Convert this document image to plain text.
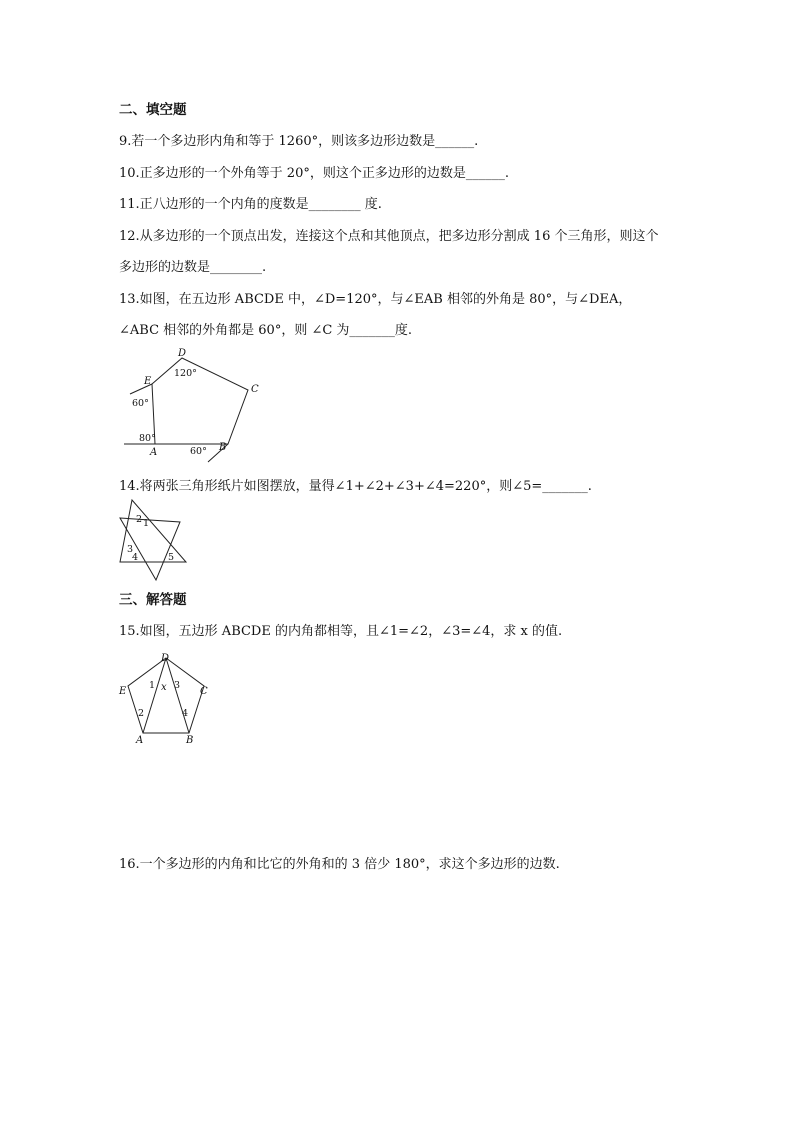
二、填空题
9.若一个多边形内角和等于 1260°，则该多边形边数是______.
10.正多边形的一个外角等于 20°，则这个正多边形的边数是______.
11.正八边形的一个内角的度数是________ 度.
12.从多边形的一个顶点出发，连接这个点和其他顶点，把多边形分割成 16 个三角形，则这个
多边形的边数是________.
13.如图，在五边形 ABCDE 中，∠D=120°，与∠EAB 相邻的外角是 80°，与∠DEA，
∠ABC 相邻的外角都是 60°，则 ∠C 为_______度.
D
E
C
A	B
120°
60°
80°
60°
14.将两张三角形纸片如图摆放，量得∠1+∠2+∠3+∠4=220°，则∠5=_______.
2 1
3
4	5
三、解答题
15.如图，五边形 ABCDE 的内角都相等，且∠1=∠2，∠3=∠4，求 x 的值.
D
E	C
A	B
x
1 3
2	4
16.一个多边形的内角和比它的外角和的 3 倍少 180°，求这个多边形的边数.
